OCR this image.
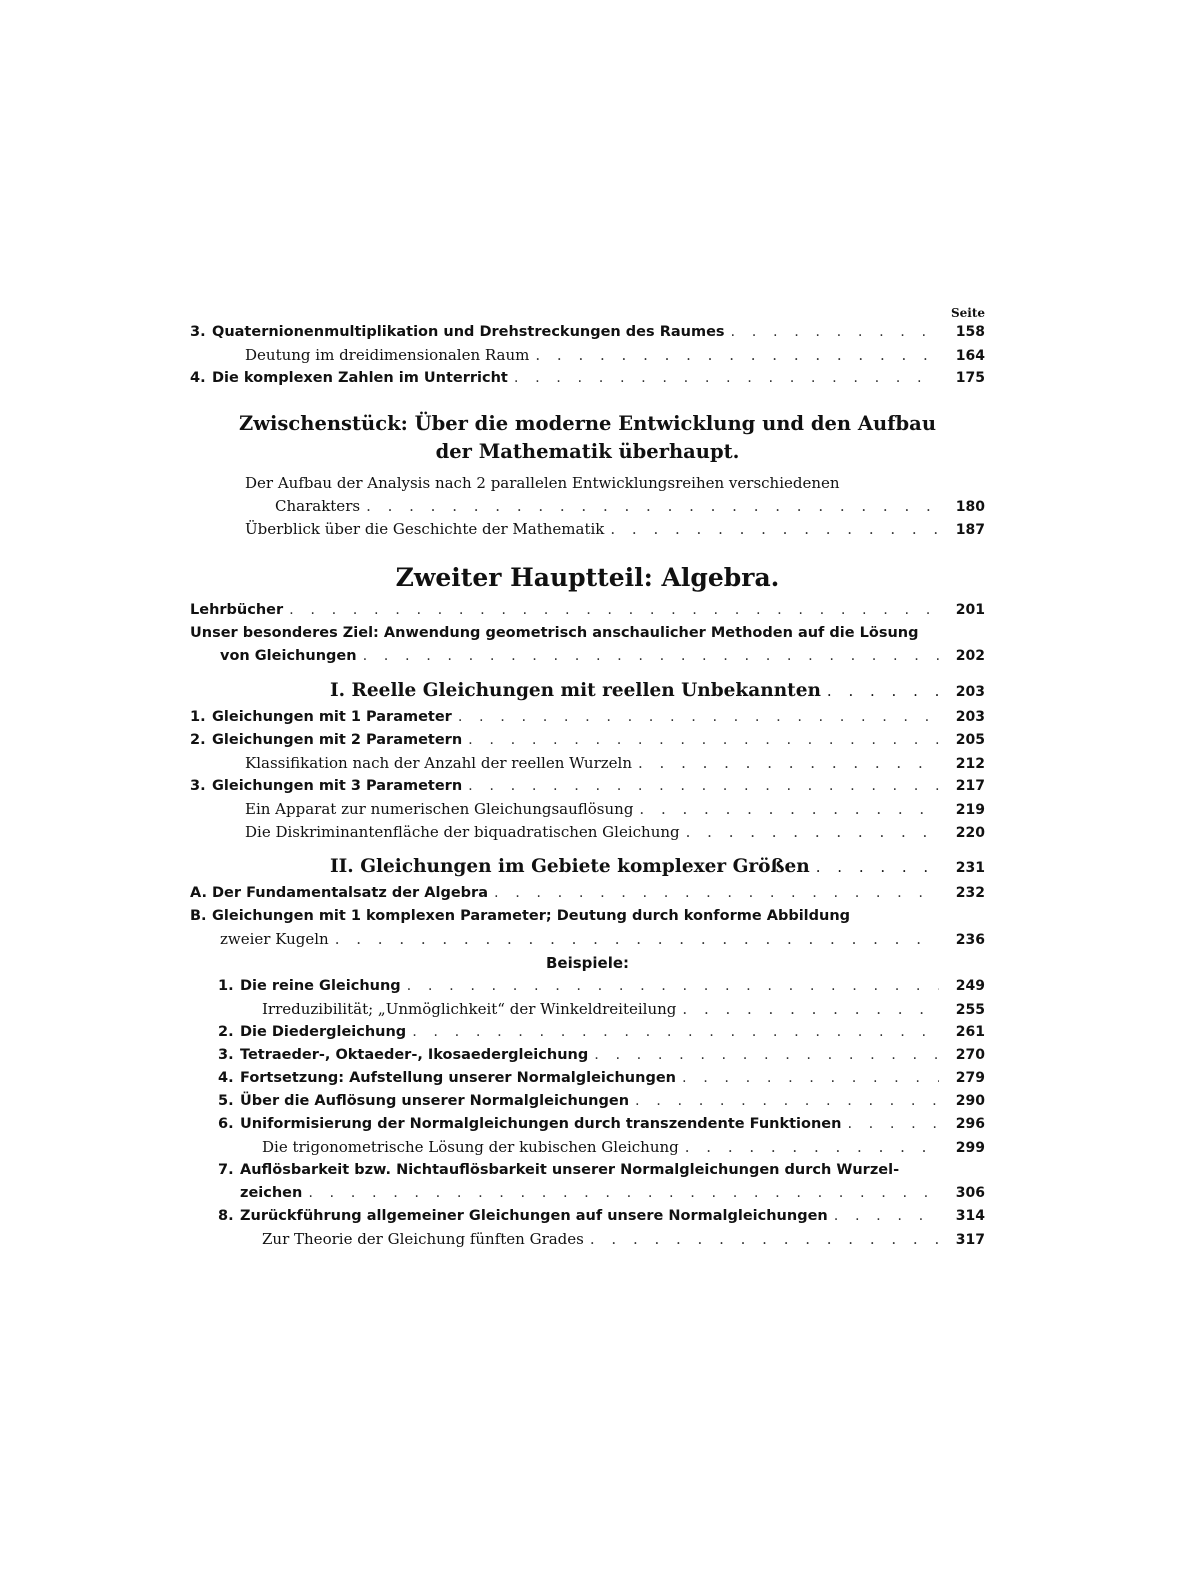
Seite
3. Quaternionenmultiplikation und Drehstreckungen des Raumes . . .	158
Deutung im dreidimensionalen Raum . . .	164
4. Die komplexen Zahlen im Unterricht . . .	175
Zwischenstück: Über die moderne Entwicklung und den Aufbau
der Mathematik überhaupt.
Der Aufbau der Analysis nach 2 parallelen Entwicklungsreihen verschiedenen
Charakters . . .	180
Überblick über die Geschichte der Mathematik . . .	187
Zweiter Hauptteil: Algebra.
Lehrbücher . . .	201
Unser besonderes Ziel: Anwendung geometrisch anschaulicher Methoden auf die Lösung
von Gleichungen . . .	202
I. Reelle Gleichungen mit reellen Unbekannten . . .	203
1. Gleichungen mit 1 Parameter . . .	203
2. Gleichungen mit 2 Parametern . . .	205
Klassifikation nach der Anzahl der reellen Wurzeln . . .	212
3. Gleichungen mit 3 Parametern . . .	217
Ein Apparat zur numerischen Gleichungsauflösung . . .	219
Die Diskriminantenfläche der biquadratischen Gleichung . . .	220
II. Gleichungen im Gebiete komplexer Größen . . .	231
A. Der Fundamentalsatz der Algebra . . .	232
B. Gleichungen mit 1 komplexen Parameter; Deutung durch konforme Abbildung
zweier Kugeln . . .	236
Beispiele:
1. Die reine Gleichung . . .	249
Irreduzibilität; „Unmöglichkeit“ der Winkeldreiteilung . . .	255
2. Die Diedergleichung . . .	261
3. Tetraeder-, Oktaeder-, Ikosaedergleichung . . .	270
4. Fortsetzung: Aufstellung unserer Normalgleichungen . . .	279
5. Über die Auflösung unserer Normalgleichungen . . .	290
6. Uniformisierung der Normalgleichungen durch transzendente Funktionen . . .	296
Die trigonometrische Lösung der kubischen Gleichung . . .	299
7. Auflösbarkeit bzw. Nichtauflösbarkeit unserer Normalgleichungen durch Wurzel-
zeichen . . .	306
8. Zurückführung allgemeiner Gleichungen auf unsere Normalgleichungen . . .	314
Zur Theorie der Gleichung fünften Grades . . .	317
